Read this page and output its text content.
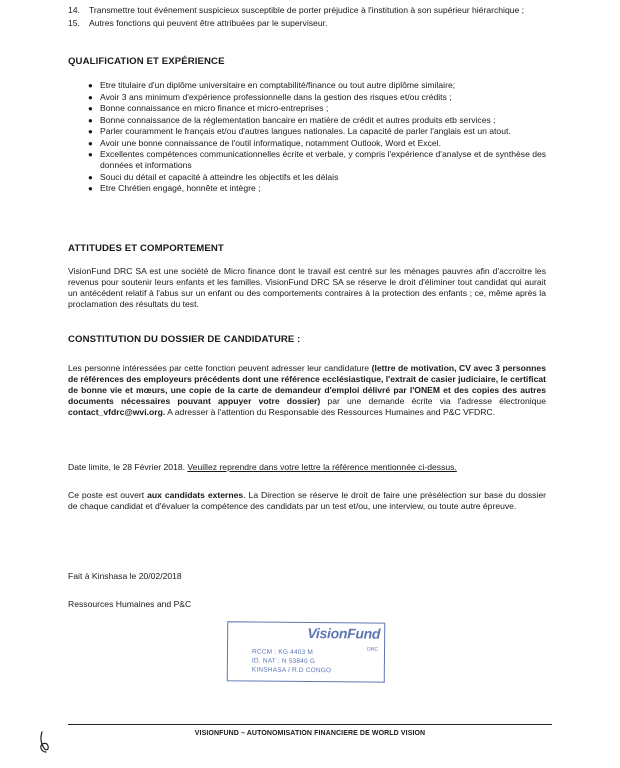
14. Transmettre tout événement suspicieux susceptible de porter préjudice à l'institution à son supérieur hiérarchique ;
15. Autres fonctions qui peuvent être attribuées par le superviseur.
QUALIFICATION ET EXPÉRIENCE
● Etre titulaire d'un diplôme universitaire en comptabilité/finance ou tout autre diplôme similaire;
● Avoir 3 ans minimum d'expérience professionnelle dans la gestion des risques et/ou crédits ;
● Bonne connaissance en micro finance et micro-entreprises ;
● Bonne connaissance de la réglementation bancaire en matière de crédit et autres produits etb services ;
● Parler couramment le français et/ou d'autres langues nationales. La capacité de parler l'anglais est un atout.
● Avoir une bonne connaissance de l'outil informatique, notamment Outlook, Word et Excel.
● Excellentes compétences communicationnelles écrite et verbale, y compris l'expérience d'analyse et de synthèse des données et informations
● Souci du détail et capacité à atteindre les objectifs et les délais
● Etre Chrétien engagé, honnête et intègre ;
ATTITUDES ET COMPORTEMENT

VisionFund DRC SA est une société de Micro finance dont le travail est centré sur les ménages pauvres afin d'accroitre les revenus pour soutenir leurs enfants et les familles. VisionFund DRC SA se réserve le droit d'éliminer tout candidat qui aurait un antécédent relatif à l'abus sur un enfant ou des comportements contraires à la protection des enfants ; ce, même après la proclamation des résultats du test.

CONSTITUTION DU DOSSIER DE CANDIDATURE :

Les personne intéressées par cette fonction peuvent adresser leur candidature (lettre de motivation, CV avec 3 personnes de références des employeurs précédents dont une référence ecclésiastique, l'extrait de casier judiciaire, le certificat de bonne vie et mœurs, une copie de la carte de demandeur d'emploi délivré par l'ONEM et des copies des autres documents nécessaires pouvant appuyer votre dossier) par une demande écrite via l'adresse électronique contact_vfdrc@wvi.org. A adresser à l'attention du Responsable des Ressources Humaines and P&C VFDRC.

Date limite, le 28 Février 2018. Veuillez reprendre dans votre lettre la référence mentionnée ci-dessus.

Ce poste est ouvert aux candidats externes. La Direction se réserve le droit de faire une présélection sur base du dossier de chaque candidat et d'évaluer la compétence des candidats par un test et/ou, une interview, ou toute autre épreuve.

Fait à Kinshasa le 20/02/2018

Ressources Humaines and P&C

VisionFund
DRC
RCCM : KG 4403 M
ID. NAT : N 53840 G
KINSHASA / R.D CONGO
VISIONFUND – AUTONOMISATION FINANCIERE DE WORLD VISION
